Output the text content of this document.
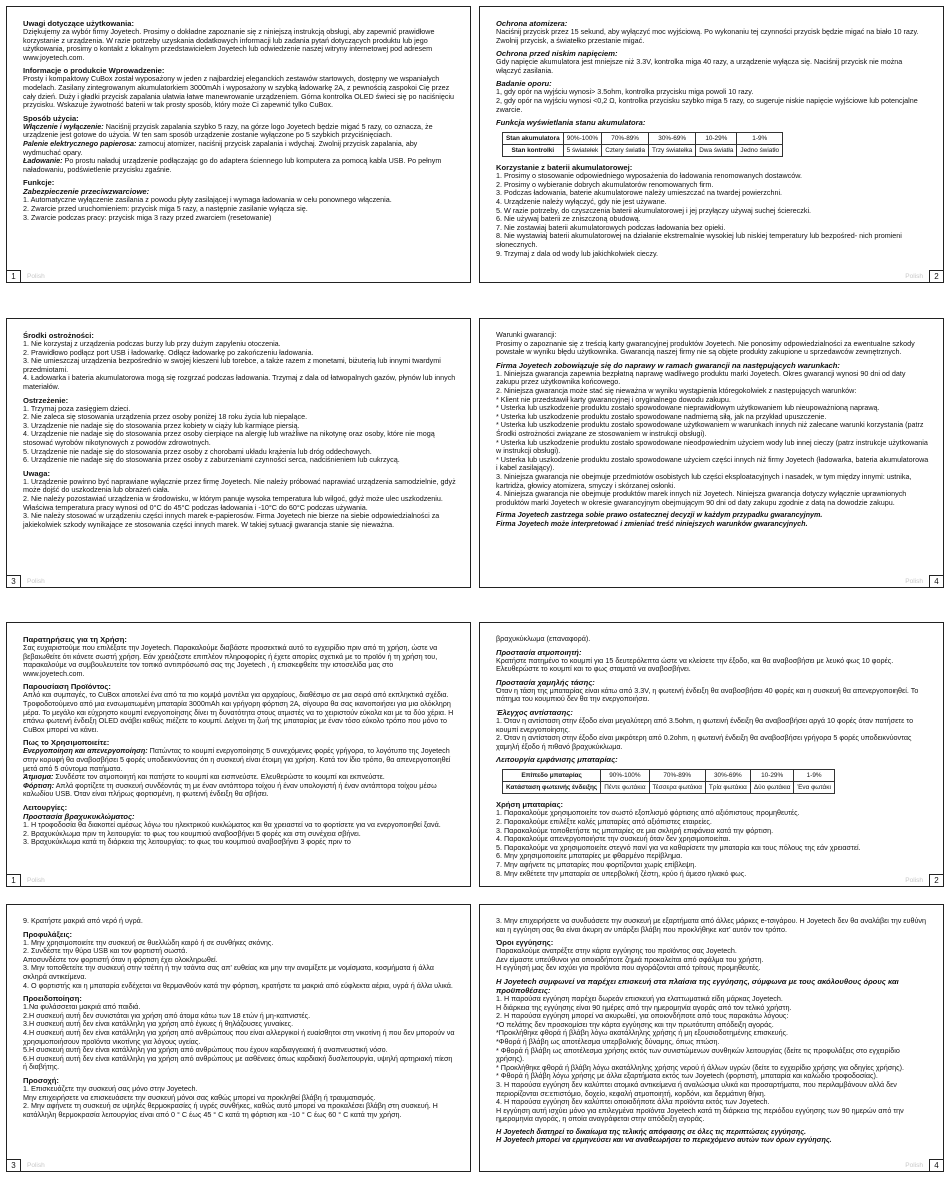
Uwagi dotyczące użytkowania:
Dziękujemy za wybór firmy Joyetech. Prosimy o dokładne zapoznanie się z niniejszą instrukcją obsługi, aby zapewnić prawidłowe korzystanie z urządzenia. W razie potrzeby uzyskania dodatkowych informacji lub zadania pytań dotyczących produktu lub jego użytkowania, prosimy o kontakt z lokalnym przedstawicielem Joyetech lub odwiedzenie naszej witryny internetowej pod adresem www.joyetech.com.
Informacje o produkcie Wprowadzenie:
Prosty i kompaktowy CuBox został wyposażony w jeden z najbardziej eleganckich zestawów startowych, dostępny we wspaniałych modelach. Zasilany zintegrowanym akumulatorkiem 3000mAh i wyposażony w szybką ładowarkę 2A, z pewnością zaspokoi Cię przez cały dzień. Duży i gładki przycisk zapalania ułatwia łatwe manewrowanie urządzeniem. Górna kontrolka OLED świeci się po naciśnięciu przycisku. Wskazuje żywotność baterii w tak prosty sposób, który może Ci zapewnić tylko CuBox.
Sposób użycia:
Włączenie i wyłączenie: Naciśnij przycisk zapalania szybko 5 razy, na górze logo Joyetech będzie migać 5 razy, co oznacza, że urządzenie jest gotowe do użycia. W ten sam sposób urządzenie zostanie wyłączone po 5 szybkich przyciśnięciach.
Palenie elektrycznego papierosa: zamocuj atomizer, naciśnij przycisk zapalania i wdychaj. Zwolnij przycisk zapalania, aby wydmuchać opary.
Ładowanie: Po prostu naładuj urządzenie podłączając go do adaptera ściennego lub komputera za pomocą kabla USB. Po pełnym naładowaniu, podświetlenie przycisku zgaśnie.
Funkcje:
Zabezpieczenie przeciwzwarciowe:
1. Automatyczne wyłączenie zasilania z powodu płyty zasilającej i wymaga ładowania w celu ponownego włączenia.
2. Zwarcie przed uruchomieniem: przycisk miga 5 razy, a następnie zasilanie wyłącza się.
3. Zwarcie podczas pracy: przycisk miga 3 razy przed zwarciem (resetowanie)
1	Polish
Ochrona atomizera:
Naciśnij przycisk przez 15 sekund, aby wyłączyć moc wyjściową. Po wykonaniu tej czynności przycisk będzie migać na biało 10 razy. Zwolnij przycisk, a światełko przestanie migać.
Ochrona przed niskim napięciem:
Gdy napięcie akumulatora jest mniejsze niż 3.3V, kontrolka miga 40 razy, a urządzenie wyłącza się. Naciśnij przycisk nie można włączyć zasilania.
Badanie oporu:
1, gdy opór na wyjściu wynosi> 3.5ohm, kontrolka przycisku miga powoli 10 razy.
2, gdy opór na wyjściu wynosi <0,2 Ω, kontrolka przycisku szybko miga 5 razy, co sugeruje niskie napięcie wyjściowe lub potencjalne zwarcie.
Funkcja wyświetlania stanu akumulatora:
Stan akumulatora	90%-100%	70%-89%	30%-69%	10-29%	1-9%
Stan kontrolki	5 światełek	Cztery światła	Trzy światełka	Dwa światła	Jedno światło
Korzystanie z baterii akumulatorowej:
1. Prosimy o stosowanie odpowiedniego wyposażenia do ładowania renomowanych dostawców.
2. Prosimy o wybieranie dobrych akumulatorów renomowanych firm.
3. Podczas ładowania, baterie akumulatorowe należy umieszczać na twardej powierzchni.
4. Urządzenie należy wyłączyć, gdy nie jest używane.
5. W razie potrzeby, do czyszczenia baterii akumulatorowej i jej przyłączy używaj suchej ściereczki.
6. Nie używaj baterii ze zniszczoną obudową.
7. Nie zostawiaj baterii akumulatorowych podczas ładowania bez opieki.
8. Nie wystawiaj baterii akumulatorowej na działanie ekstremalnie wysokiej lub niskiej temperatury lub bezpośred- nich promieni słonecznych.
9. Trzymaj z dala od wody lub jakichkolwiek cieczy.
2
Polish
Środki ostrożności:
1. Nie korzystaj z urządzenia podczas burzy lub przy dużym zapyleniu otoczenia.
2. Prawidłowo podłącz port USB i ładowarkę. Odłącz ładowarkę po zakończeniu ładowania.
3. Nie umieszczaj urządzenia bezpośrednio w swojej kieszeni lub torebce, a także razem z monetami, biżuterią lub innymi twardymi przedmiotami.
4. Ładowarka i bateria akumulatorowa mogą się rozgrzać podczas ładowania. Trzymaj z dala od łatwopalnych gazów, płynów lub innych materiałów.
Ostrzeżenie:
1. Trzymaj poza zasięgiem dzieci.
2. Nie zaleca się stosowania urządzenia przez osoby poniżej 18 roku życia lub niepalące.
3. Urządzenie nie nadaje się do stosowania przez kobiety w ciąży lub karmiące piersią.
4. Urządzenie nie nadaje się do stosowania przez osoby cierpiące na alergię lub wrażliwe na nikotynę oraz osoby, które nie mogą stosować wyrobów nikotynowych z powodów zdrowotnych.
5. Urządzenie nie nadaje się do stosowania przez osoby z chorobami układu krążenia lub dróg oddechowych.
6. Urządzenie nie nadaje się do stosowania przez osoby z zaburzeniami czynności serca, nadciśnieniem lub cukrzycą.
Uwaga:
1. Urządzenie powinno być naprawiane wyłącznie przez firmę Joyetech. Nie należy próbować naprawiać urządzenia samodzielnie, gdyż może dojść do uszkodzenia lub obrażeń ciała.
2. Nie należy pozostawiać urządzenia w środowisku, w którym panuje wysoka temperatura lub wilgoć, gdyż może ulec uszkodzeniu. Właściwa temperatura pracy wynosi od 0°C do 45°C podczas ładowania i -10°C do 60°C podczas używania.
3. Nie należy stosować w urządzeniu części innych marek e-papierosów. Firma Joyetech nie bierze na siebie odpowiedzialności za jakiekolwiek szkody wynikające ze stosowania części innych marek. W takiej sytuacji gwarancja stanie się nieważna.
3	Polish
Warunki gwarancji:
Prosimy o zapoznanie się z treścią karty gwarancyjnej produktów Joyetech. Nie ponosimy odpowiedzialności za ewentualne szkody powstałe w wyniku błędu użytkownika. Gwarancją naszej firmy nie są objęte produkty zakupione u sprzedawców zewnętrznych.
Firma Joyetech zobowiązuje się do naprawy w ramach gwarancji na następujących warunkach:
1. Niniejsza gwarancja zapewnia bezpłatną naprawę wadliwego produktu marki Joyetech. Okres gwarancji wynosi 90 dni od daty zakupu przez użytkownika końcowego.
2. Niniejsza gwarancja może stać się nieważna w wyniku wystąpienia któregokolwiek z następujących warunków:
* Klient nie przedstawił karty gwarancyjnej i oryginalnego dowodu zakupu.
* Usterka lub uszkodzenie produktu zostało spowodowane nieprawidłowym użytkowaniem lub nieupoważnioną naprawą.
* Usterka lub uszkodzenie produktu zostało spowodowane nadmierną siłą, jak na przykład upuszczenie.
* Usterka lub uszkodzenie produktu zostało spowodowane użytkowaniem w warunkach innych niż zalecane warunki korzystania (patrz Środki ostrożności związane ze stosowaniem w instrukcji obsługi).
* Usterka lub uszkodzenie produktu zostało spowodowane nieodpowiednim użyciem wody lub innej cieczy (patrz instrukcje użytkowania w instrukcji obsługi).
* Usterka lub uszkodzenie produktu zostało spowodowane użyciem części innych niż firmy Joyetech (ładowarka, bateria akumulatorowa i kabel zasilający).
3. Niniejsza gwarancja nie obejmuje przedmiotów osobistych lub części eksploatacyjnych i nasadek, w tym między innymi: ustnika, kartridża, głowicy atomizera, smyczy i skórzanej osłonki.
4. Niniejsza gwarancja nie obejmuje produktów marek innych niż Joyetech. Niniejsza gwarancja dotyczy wyłącznie uprawnionych produktów marki Joyetech w okresie gwarancyjnym obejmującym 90 dni od daty zakupu zgodnie z datą na dowodzie zakupu.
Firma Joyetech zastrzega sobie prawo ostatecznej decyzji w każdym przypadku gwarancyjnym.
Firma Joyetech może interpretować i zmieniać treść niniejszych warunków gwarancyjnych.
4
Polish
Παρατηρήσεις για τη Χρήση:
Σας ευχαριστούμε που επιλέξατε την Joyetech. Παρακαλούμε διαβάστε προσεκτικά αυτό το εγχειρίδιο πριν από τη χρήση, ώστε να βεβαιωθείτε ότι κάνετε σωστή χρήση. Εάν χρειάζεστε επιπλέον πληροφορίες ή έχετε απορίες σχετικά με το προϊόν ή τη χρήση του, παρακαλούμε να συμβουλευτείτε τον τοπικό αντιπρόσωπό σας της Joyetech , ή επισκεφθείτε την ιστοσελίδα μας στο www.joyetech.com.
Παρουσίαση Προϊόντος:
Απλό και συμπαγές, το CuBox αποτελεί ένα από τα πιο κομψά μοντέλα για αρχαρίους, διαθέσιμο σε μια σειρά από εκπληκτικά σχέδια. Τροφοδοτούμενο από μια ενσωματωμένη μπαταρία 3000mAh και γρήγορη φόρτιση 2A, σίγουρα θα σας ικανοποιήσει για μια ολόκληρη μέρα. Το μεγάλο και εύχρηστο κουμπί ενεργοποίησης δίνει τη δυνατότητα στους ατμιστές να το χειριστούν εύκολα και με τα δύο χέρια. Η επάνω φωτεινή ένδειξη OLED ανάβει καθώς πιέζετε το κουμπί. Δείχνει τη ζωή της μπαταρίας με έναν τόσο εύκολο τρόπο που μόνο το CuBox μπορεί να κάνει.
Πως το Χρησιμοποιείτε:
Ενεργοποίηση και απενεργοποίηση: Πατώντας το κουμπί ενεργοποίησης 5 συνεχόμενες φορές γρήγορα, το λογότυπο της Joyetech στην κορυφή θα αναβοσβήσει 5 φορές υποδεικνύοντας ότι η συσκευή είναι έτοιμη για χρήση. Κατά τον ίδιο τρόπο, θα απενεργοποιηθεί μετά από 5 σύντομα πατήματα.
Άτμισμα: Συνδέστε τον ατμοποιητή και πατήστε το κουμπί και εισπνεύστε. Ελευθερώστε το κουμπί και εκπνεύστε.
Φόρτιση: Απλά φορτίζετε τη συσκευή συνδέοντάς τη με έναν αντάπτορα τοίχου ή έναν υπολογιστή ή έναν αντάπτορα τοίχου μέσω καλωδίου USB. Όταν είναι πλήρως φορτισμένη, η φωτεινή ένδειξη θα σβήσει.
Λειτουργίες:
Προστασία βραχυκυκλώματος:
1. Η τροφοδοσία θα διακοπεί αμέσως λόγω του ηλεκτρικού κυκλώματος και θα χρειαστεί να το φορτίσετε για να ενεργοποιηθεί ξανά.
2. Βραχυκύκλωμα πριν τη λειτουργία: το φως του κουμπιού αναβοσβήνει 5 φορές και στη συνέχεια σβήνει.
3. Βραχυκύκλωμα κατά τη διάρκεια της λειτουργίας: το φως του κουμπιού αναβοσβήνει 3 φορές πριν το
1	Polish
βραχυκύκλωμα (επαναφορά).
Προστασία ατμοποιητή:
Κρατήστε πατημένο το κουμπί για 15 δευτερόλεπτα ώστε να κλείσετε την έξοδο, και θα αναβοσβήσει με λευκό φως 10 φορές. Ελευθερώστε το κουμπί και το φως σταματά να αναβοσβήνει.
Προστασία χαμηλής τάσης:
Όταν η τάση της μπαταρίας είναι κάτω από 3.3V, η φωτεινή ένδειξη θα αναβοσβήσει 40 φορές και η συσκευή θα απενεργοποιηθεί. Το πάτημα του κουμπιού δεν θα την ενεργοποιήσει.
Έλεγχος αντίστασης:
1. Όταν η αντίσταση στην έξοδο είναι μεγαλύτερη από 3.5ohm, η φωτεινή ένδειξη θα αναβοσβήσει αργά 10 φορές όταν πατήσετε το κουμπί ενεργοποίησης.
2. Όταν η αντίσταση στην έξοδο είναι μικρότερη από 0.2ohm, η φωτεινή ένδειξη θα αναβοσβήσει γρήγορα 5 φορές υποδεικνύοντας χαμηλή έξοδο ή πιθανό βραχυκύκλωμα.
Λειτουργία εμφάνισης μπαταρίας:
Επίπεδο μπαταρίας	90%-100%	70%-89%	30%-69%	10-29%	1-9%
Κατάσταση φωτεινής ένδειξης	Πέντε φωτάκια	Τέσσερα φωτάκια	Τρία φωτάκια	Δύο φωτάκια	Ένα φωτάκι
Χρήση μπαταρίας:
1. Παρακαλούμε χρησιμοποιείτε τον σωστό εξοπλισμό φόρτισης από αξιόπιστους προμηθευτές.
2. Παρακαλούμε επιλέξτε καλές μπαταρίες από αξιόπιστες εταιρείες.
3. Παρακαλούμε τοποθετήστε τις μπαταρίες σε μια σκληρή επιφάνεια κατά την φόρτιση.
4. Παρακαλούμε απενεργοποιήστε την συσκευή όταν δεν χρησιμοποιείται.
5. Παρακαλούμε να χρησιμοποιείτε στεγνό πανί για να καθαρίσετε την μπαταρία και τους πόλους της εάν χρειαστεί.
6. Μην χρησιμοποιείτε μπαταρίες με φθαρμένο περίβλημα.
7. Μην αφήνετε τις μπαταρίες που φορτίζονται χωρίς επίβλεψη.
8. Μην εκθέτετε την μπαταρία σε υπερβολική ζέστη, κρύο ή άμεσο ηλιακό φως.
2
Polish
9. Κρατήστε μακριά από νερό ή υγρά.
Προφυλάξεις:
1. Μην χρησιμοποιείτε την συσκευή σε θυελλώδη καιρό ή σε συνθήκες σκόνης.
2. Συνδέστε την θύρα USB και τον φορτιστή σωστά.
Αποσυνδέστε τον φορτιστή όταν η φόρτιση έχει ολοκληρωθεί.
3. Μην τοποθετείτε την συσκευή στην τσέπη ή την τσάντα σας απ' ευθείας και μην την αναμίξετε με νομίσματα, κοσμήματα ή άλλα σκληρά αντικείμενα.
4. Ο φορτιστής και η μπαταρία ενδέχεται να θερμανθούν κατά την φόρτιση, κρατήστε τα μακριά από εύφλεκτα αέρια, υγρά ή άλλα υλικά.
Προειδοποίηση:
1.Να φυλάσσεται μακριά από παιδιά.
2.Η συσκευή αυτή δεν συνιστάται για χρήση από άτομα κάτω των 18 ετών ή μη-καπνιστές.
3.Η συσκευή αυτή δεν είναι κατάλληλη για χρήση από έγκυες ή θηλάζουσες γυναίκες.
4.Η συσκευή αυτή δεν είναι κατάλληλη για χρήση από ανθρώπους που είναι αλλεργικοί ή ευαίσθητοι στη νικοτίνη ή που δεν μπορούν να χρησιμοποιήσουν προϊόντα νικοτίνης για λόγους υγείας.
5.Η συσκευή αυτή δεν είναι κατάλληλη για χρήση από ανθρώπους που έχουν καρδιαγγειακή ή αναπνευστική νόσο.
6.Η συσκευή αυτή δεν είναι κατάλληλη για χρήση από ανθρώπους με ασθένειες όπως καρδιακή δυσλειτουργία, υψηλή αρτηριακή πίεση ή διαβήτης.
Προσοχή:
1. Επισκευάζετε την συσκευή σας μόνο στην Joyetech.
Μην επιχειρήσετε να επισκευάσετε την συσκευή μόνοι σας καθώς μπορεί να προκληθεί βλάβη ή τραυματισμός.
2. Μην αφήνετε τη συσκευή σε υψηλές θερμοκρασίες ή υγρές συνθήκες, καθώς αυτό μπορεί να προκαλέσει βλάβη στη συσκευή. Η κατάλληλη θερμοκρασία λειτουργίας είναι από 0 ° C έως 45 ° C κατά τη φόρτιση και -10 ° C έως 60 ° C κατά την χρήση.
3	Polish
3. Μην επιχειρήσετε να συνδυάσετε την συσκευή με εξαρτήματα από άλλες μάρκες e-τσιγάρου. Η Joyetech δεν θα αναλάβει την ευθύνη και η εγγύηση σας θα είναι άκυρη αν υπάρξει βλάβη που προκλήθηκε κατ' αυτόν τον τρόπο.
Όροι εγγύησης:
Παρακαλούμε ανατρέξτε στην κάρτα εγγύησης του προϊόντος σας Joyetech.
Δεν είμαστε υπεύθυνοι για οποιαδήποτε ζημιά προκαλείται από σφάλμα του χρήστη.
Η εγγύησή μας δεν ισχύει για προϊόντα που αγοράζονται από τρίτους προμηθευτές.
Η Joyetech συμφωνεί να παρέχει επισκευή στα πλαίσια της εγγύησης, σύμφωνα με τους ακόλουθους όρους και προϋποθέσεις:
1. Η παρούσα εγγύηση παρέχει δωρεάν επισκευή για ελαττωματικά είδη μάρκας Joyetech.
Η διάρκεια της εγγύησης είναι 90 ημέρες από την ημερομηνία αγοράς από τον τελικό χρήστη.
2. Η παρούσα εγγύηση μπορεί να ακυρωθεί, για οποιονδήποτε από τους παρακάτω λόγους:
*Ο πελάτης δεν προσκομίσει την κάρτα εγγύησης και την πρωτότυπη απόδειξη αγοράς.
*Προκλήθηκε φθορά ή βλάβη λόγω ακατάλληλης χρήσης ή μη εξουσιοδοτημένης επισκευής.
*Φθορά ή βλάβη ως αποτέλεσμα υπερβολικής δύναμης, όπως πτώση.
* Φθορά ή βλάβη ως αποτέλεσμα χρήσης εκτός των συνιστώμενων συνθηκών λειτουργίας (δείτε τις προφυλάξεις στο εγχειρίδιο χρήσης).
* Προκλήθηκε φθορά ή βλάβη λόγω ακατάλληλης χρήσης νερού ή άλλων υγρών (δείτε το εγχειρίδιο χρήσης για οδηγίες χρήσης).
* Φθορά ή βλάβη λόγω χρήσης με άλλα εξαρτήματα εκτός των Joyetech (φορτιστή, μπαταρία και καλώδιο τροφοδοσίας).
3. Η παρούσα εγγύηση δεν καλύπτει ατομικά αντικείμενα ή αναλώσιμα υλικά και προσαρτήματα, που περιλαμβάνουν αλλά δεν περιορίζονται σε:επιστόμιο, δοχείο, κεφαλή ατμοποιητή, κορδόνι, και δερμάτινη θήκη.
4. Η παρούσα εγγύηση δεν καλύπτει οποιαδήποτε άλλα προϊόντα εκτός των Joyetech.
Η εγγύηση αυτή ισχύει μόνο για επιλεγμένα προϊόντα Joyetech κατά τη διάρκεια της περιόδου εγγύησης των 90 ημερών από την ημερομηνία αγοράς, η οποία αναγράφεται στην απόδειξη αγοράς.
Η Joyetech διατηρεί το δικαίωμα της τελικής απόφασης σε όλες τις περιπτώσεις εγγύησης.
Η Joyetech μπορεί να ερμηνεύσει και να αναθεωρήσει το περιεχόμενο αυτών των όρων εγγύησης.
4
Polish
